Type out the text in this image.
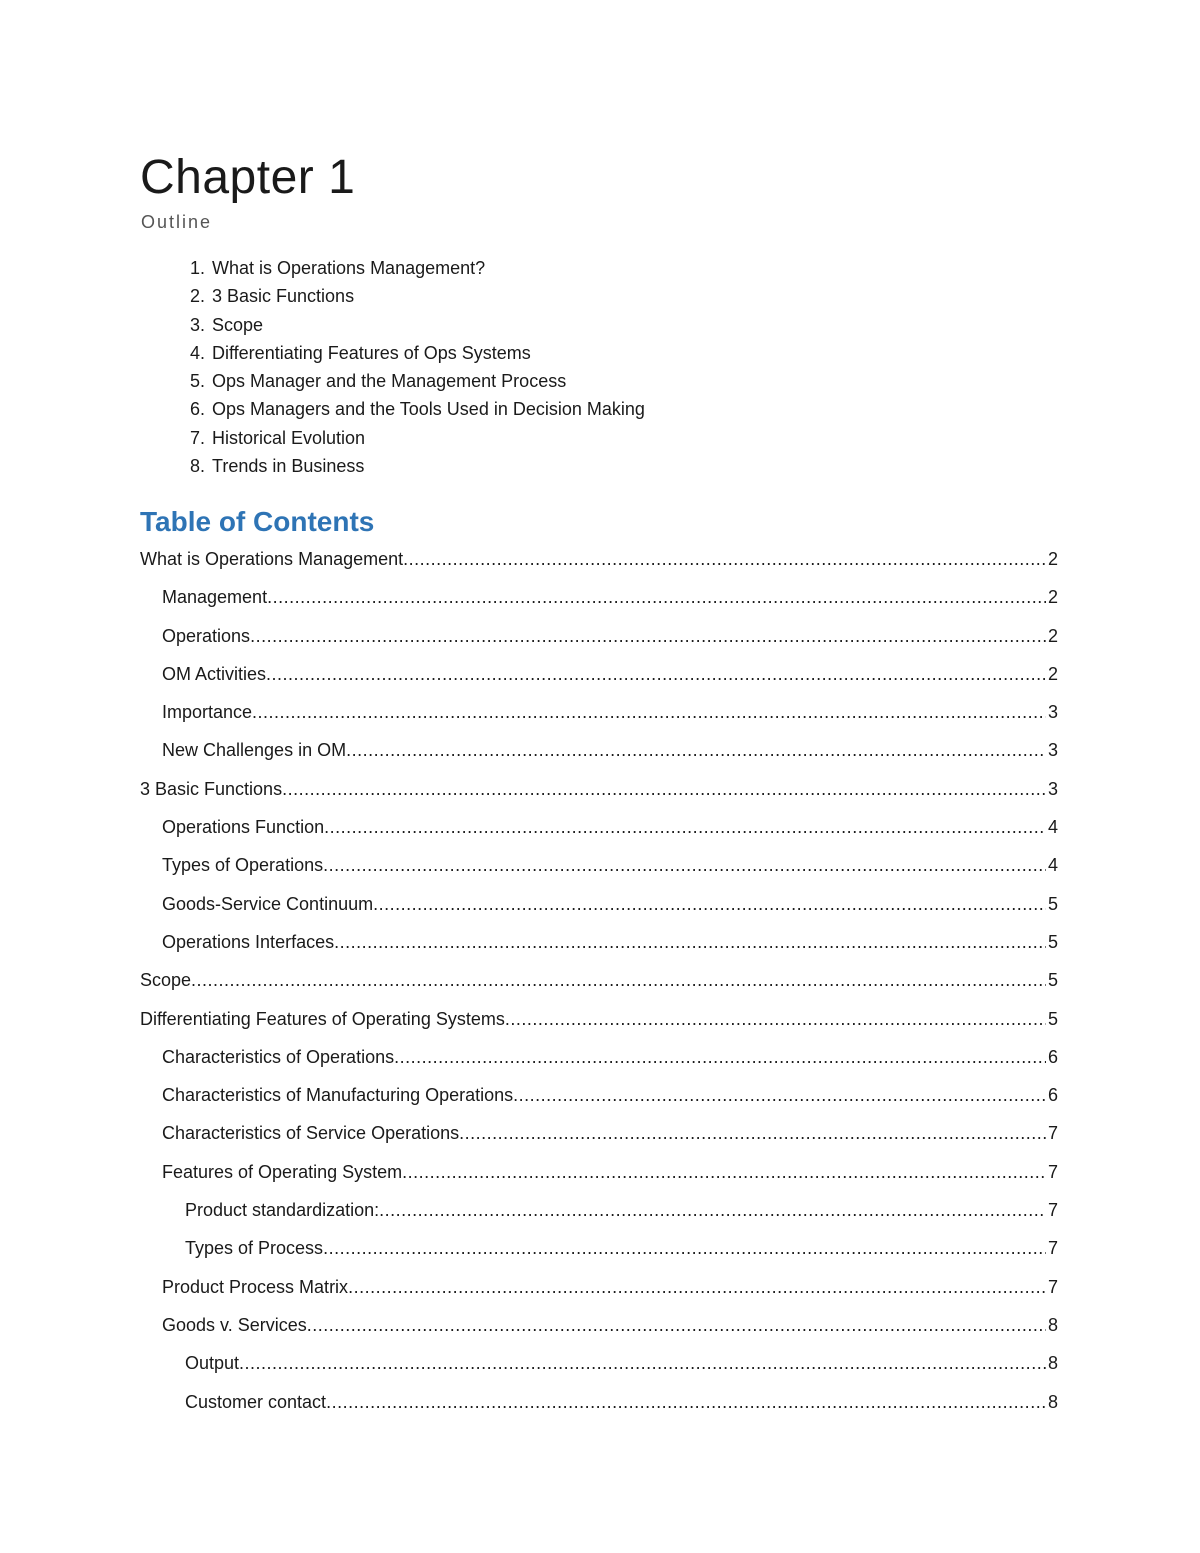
Chapter 1
Outline
1. What is Operations Management?
2. 3 Basic Functions
3. Scope
4. Differentiating Features of Ops Systems
5. Ops Manager and the Management Process
6. Ops Managers and the Tools Used in Decision Making
7. Historical Evolution
8. Trends in Business
Table of Contents
What is Operations Management .....	2
Management .....	2
Operations .....	2
OM Activities .....	2
Importance .....	3
New Challenges in OM .....	3
3 Basic Functions .....	3
Operations Function .....	4
Types of Operations .....	4
Goods-Service Continuum .....	5
Operations Interfaces .....	5
Scope .....	5
Differentiating Features of Operating Systems .....	5
Characteristics of Operations .....	6
Characteristics of Manufacturing Operations .....	6
Characteristics of Service Operations .....	7
Features of Operating System .....	7
Product standardization: .....	7
Types of Process .....	7
Product Process Matrix .....	7
Goods v. Services .....	8
Output .....	8
Customer contact .....	8
